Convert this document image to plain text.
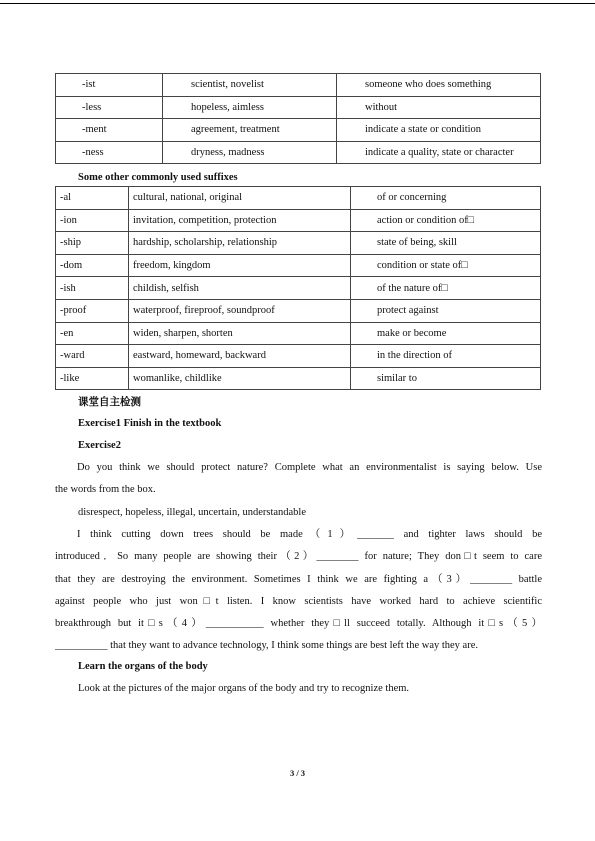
-ist	scientist, novelist	someone who does something
-less	hopeless, aimless	without
-ment	agreement, treatment	indicate a state or condition
-ness	dryness, madness	indicate a quality, state or character
Some other commonly used suffixes
-al	cultural, national, original	of or concerning
-ion	invitation, competition, protection	action or condition of□
-ship	hardship, scholarship, relationship	state of being, skill
-dom	freedom, kingdom	condition or state of□
-ish	childish, selfish	of the nature of□
-proof	waterproof, fireproof, soundproof	protect against
-en	widen, sharpen, shorten	make or become
-ward	eastward, homeward, backward	in the direction of
-like	womanlike, childlike	similar to
课堂自主检测
Exercise1 Finish in the textbook
Exercise2
Do you think we should protect nature? Complete what an environmentalist is saying below. Use
the words from the box.
disrespect, hopeless, illegal, uncertain, understandable
I think cutting down trees should be made（1）_______ and tighter laws should be
introduced．So many people are showing their（2）________ for nature; They don□t seem to care
that they are destroying the environment. Sometimes I think we are fighting a（3）________ battle
against people who just won□t listen. I know scientists have worked hard to achieve scientific
breakthrough but it□s（4）___________ whether they□ll succeed totally. Although it□s（5）
__________ that they want to advance technology, I think some things are best left the way they are.
Learn the organs of the body
Look at the pictures of the major organs of the body and try to recognize them.
3 / 3
